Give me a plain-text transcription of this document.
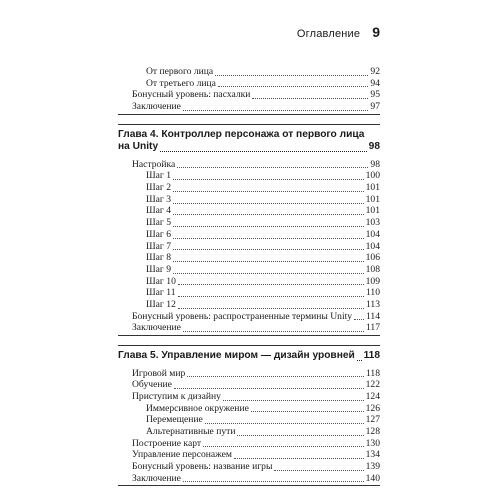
Оглавление 9
От первого лица	92
От третьего лица	94
Бонусный уровень: пасхалки	95
Заключение	97
Глава 4. Контроллер персонажа от первого лица
на Unity	98
Настройка	98
Шаг 1	100
Шаг 2	101
Шаг 3	101
Шаг 4	101
Шаг 5	103
Шаг 6	104
Шаг 7	104
Шаг 8	106
Шаг 9	108
Шаг 10	109
Шаг 11	110
Шаг 12	113
Бонусный уровень: распространенные термины Unity 114
Заключение	117
Глава 5. Управление миром — дизайн уровней 118
Игровой мир	118
Обучение	122
Приступим к дизайну	124
Иммерсивное окружение	126
Перемещение	127
Альтернативные пути	128
Построение карт	130
Управление персонажем	134
Бонусный уровень: название игры	139
Заключение	140
